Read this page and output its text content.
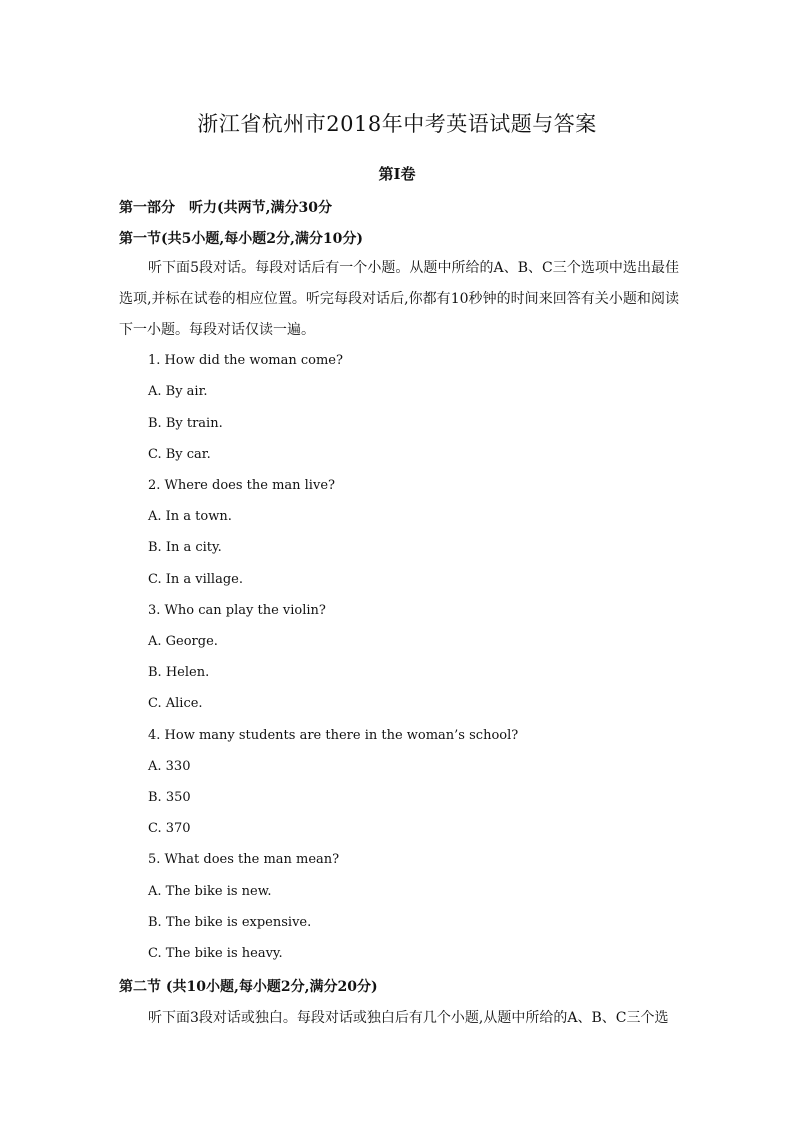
浙江省杭州市2018年中考英语试题与答案
第I卷
第一部分　听力(共两节,满分30分
第一节(共5小题,每小题2分,满分10分)
听下面5段对话。每段对话后有一个小题。从题中所给的A、B、C三个选项中选出最佳选项,并标在试卷的相应位置。听完每段对话后,你都有10秒钟的时间来回答有关小题和阅读下一小题。每段对话仅读一遍。
1. How did the woman come?
A. By air.
B. By train.
C. By car.
2. Where does the man live?
A. In a town.
B. In a city.
C. In a village.
3. Who can play the violin?
A. George.
B. Helen.
C. Alice.
4. How many students are there in the woman’s school?
A. 330
B. 350
C. 370
5. What does the man mean?
A. The bike is new.
B. The bike is expensive.
C. The bike is heavy.
第二节 (共10小题,每小题2分,满分20分)
听下面3段对话或独白。每段对话或独白后有几个小题,从题中所给的A、B、C三个选
